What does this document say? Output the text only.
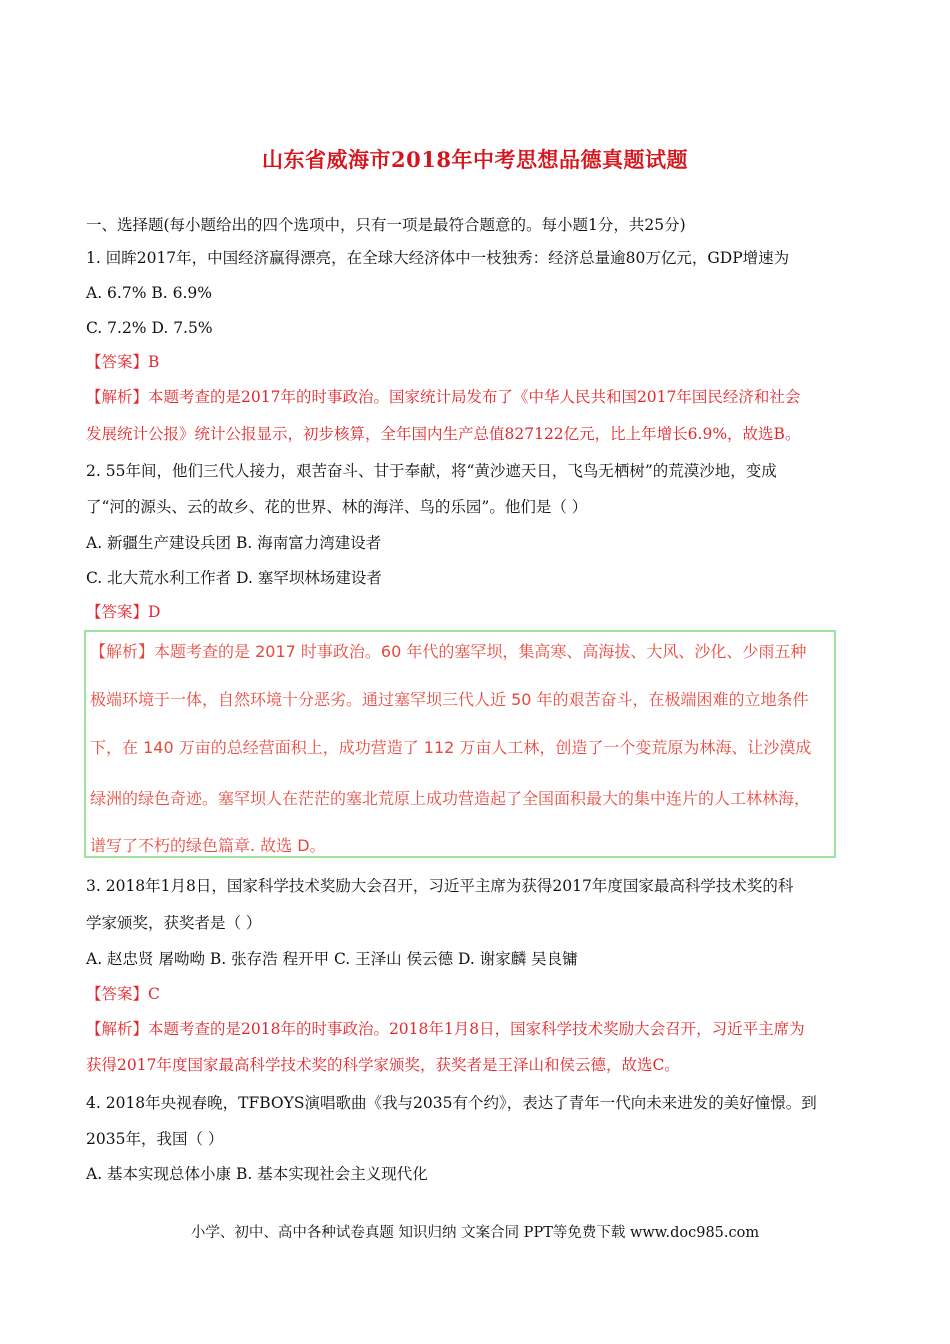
山东省威海市2018年中考思想品德真题试题
一、选择题(每小题给出的四个选项中，只有一项是最符合题意的。每小题1分，共25分)
1. 回眸2017年，中国经济赢得漂亮，在全球大经济体中一枝独秀：经济总量逾80万亿元，GDP增速为
A. 6.7% B. 6.9%
C. 7.2% D. 7.5%
【答案】B
【解析】本题考查的是2017年的时事政治。国家统计局发布了《中华人民共和国2017年国民经济和社会
发展统计公报》统计公报显示，初步核算，全年国内生产总值827122亿元，比上年增长6.9%，故选B。
2. 55年间，他们三代人接力，艰苦奋斗、甘于奉献，将“黄沙遮天日，飞鸟无栖树”的荒漠沙地，变成
了“河的源头、云的故乡、花的世界、林的海洋、鸟的乐园”。他们是（ ）
A. 新疆生产建设兵团 B. 海南富力湾建设者
C. 北大荒水利工作者 D. 塞罕坝林场建设者
【答案】D
【解析】本题考查的是 2017 时事政治。60 年代的塞罕坝，集高寒、高海拔、大风、沙化、少雨五种
极端环境于一体，自然环境十分恶劣。通过塞罕坝三代人近 50 年的艰苦奋斗，在极端困难的立地条件
下，在 140 万亩的总经营面积上，成功营造了 112 万亩人工林，创造了一个变荒原为林海、让沙漠成
绿洲的绿色奇迹。塞罕坝人在茫茫的塞北荒原上成功营造起了全国面积最大的集中连片的人工林林海，
谱写了不朽的绿色篇章. 故选 D。
3. 2018年1月8日，国家科学技术奖励大会召开，习近平主席为获得2017年度国家最高科学技术奖的科
学家颁奖，获奖者是（ ）
A. 赵忠贤 屠呦呦 B. 张存浩 程开甲 C. 王泽山 侯云德 D. 谢家麟 吴良镛
【答案】C
【解析】本题考查的是2018年的时事政治。2018年1月8日，国家科学技术奖励大会召开，习近平主席为
获得2017年度国家最高科学技术奖的科学家颁奖，获奖者是王泽山和侯云德，故选C。
4. 2018年央视春晚，TFBOYS演唱歌曲《我与2035有个约》，表达了青年一代向未来进发的美好憧憬。到
2035年，我国（ ）
A. 基本实现总体小康 B. 基本实现社会主义现代化
小学、初中、高中各种试卷真题 知识归纳 文案合同 PPT等免费下载 www.doc985.com
